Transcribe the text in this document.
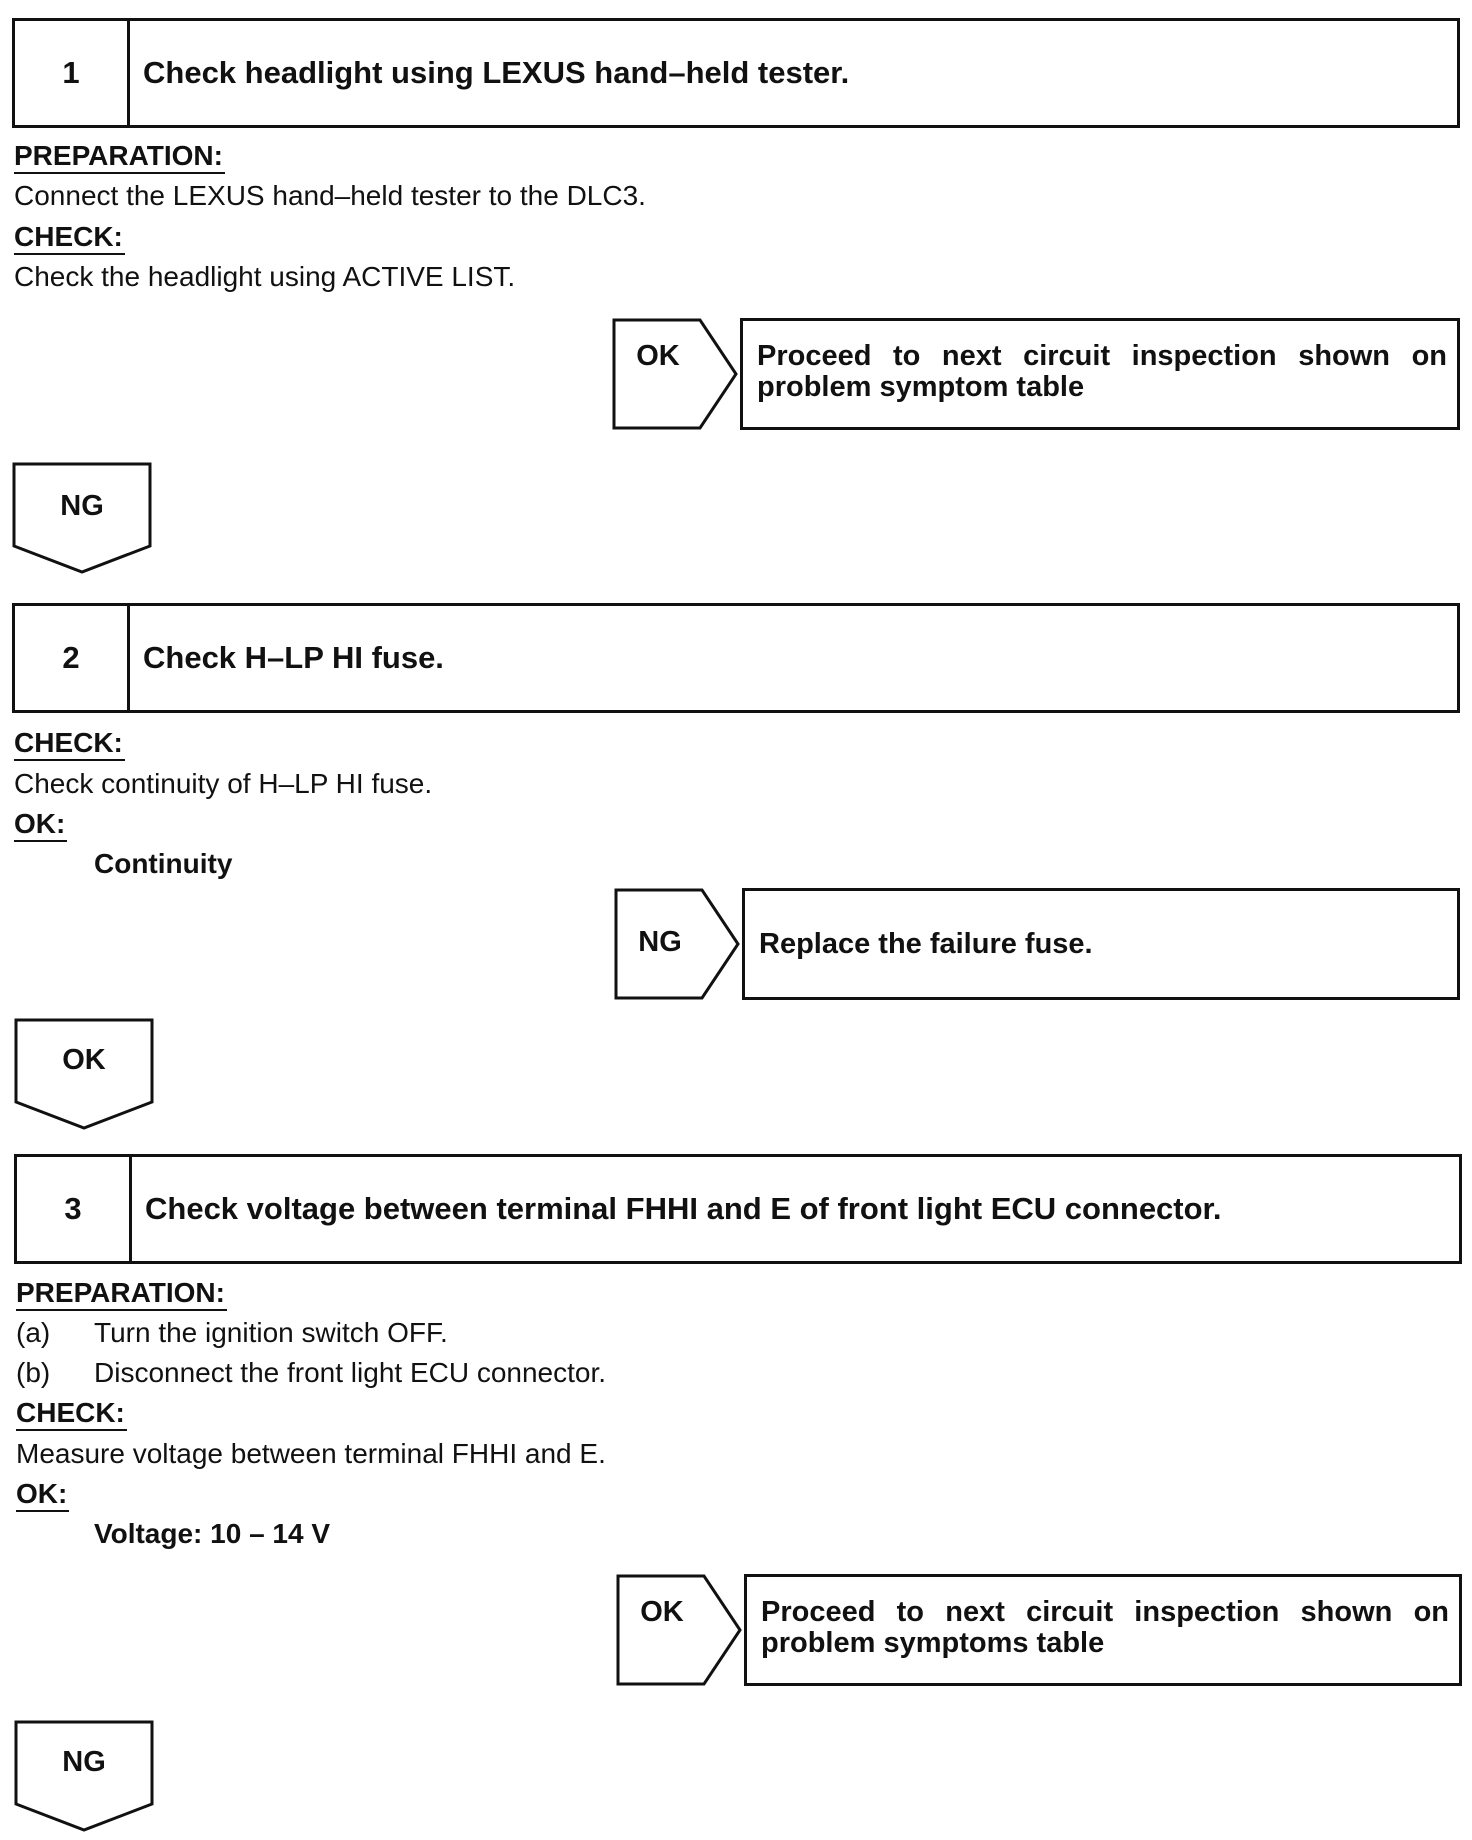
1	Check headlight using LEXUS hand–held tester.
PREPARATION:
Connect the LEXUS hand–held tester to the DLC3.
CHECK:
Check the headlight using ACTIVE LIST.
OK	Proceed to next circuit inspection shown on problem symptom table
NG
2	Check H–LP HI fuse.
CHECK:
Check continuity of H–LP HI fuse.
OK:
Continuity
NG	Replace the failure fuse.
OK
3	Check voltage between terminal FHHI and E of front light ECU connector.
PREPARATION:
(a) Turn the ignition switch OFF.
(b) Disconnect the front light ECU connector.
CHECK:
Measure voltage between terminal FHHI and E.
OK:
Voltage: 10 – 14 V
OK	Proceed to next circuit inspection shown on problem symptoms table
NG
